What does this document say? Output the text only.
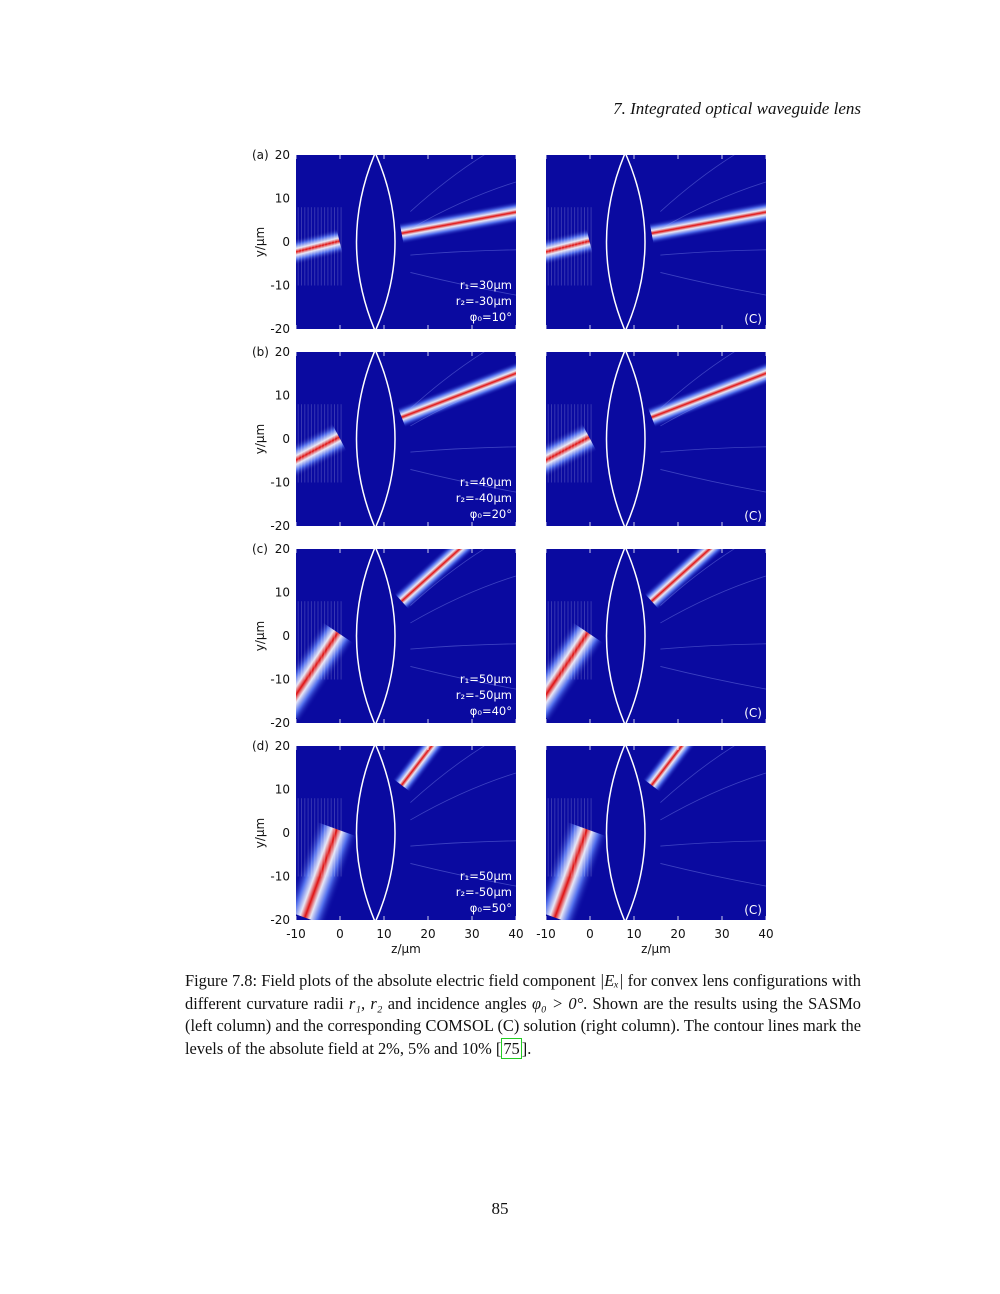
7. Integrated optical waveguide lens
(a) 20
10
0
-10
-20
y/µm
r₁=30µm
r₂=-30µm
φ₀=10°	(C)
(b) 20
10
0
-10
-20
y/µm
r₁=40µm
r₂=-40µm
φ₀=20°	(C)
(c) 20
10
0
-10
-20
y/µm
r₁=50µm
r₂=-50µm
φ₀=40°	(C)
(d) 20
10
0
-10
-20
y/µm
r₁=50µm
r₂=-50µm
φ₀=50°
-10	0	10 20 30 40
z/µm
(C)
-10	0	10 20 30 40
z/µm
Figure 7.8: Field plots of the absolute electric field component |Eₓ| for convex lens configurations with different curvature radii r₁, r₂ and incidence angles φ₀ > 0°. Shown are the results using the SASMo (left column) and the corresponding COMSOL (C) solution (right column). The contour lines mark the levels of the absolute field at 2%, 5% and 10% [ 75 ].
85
